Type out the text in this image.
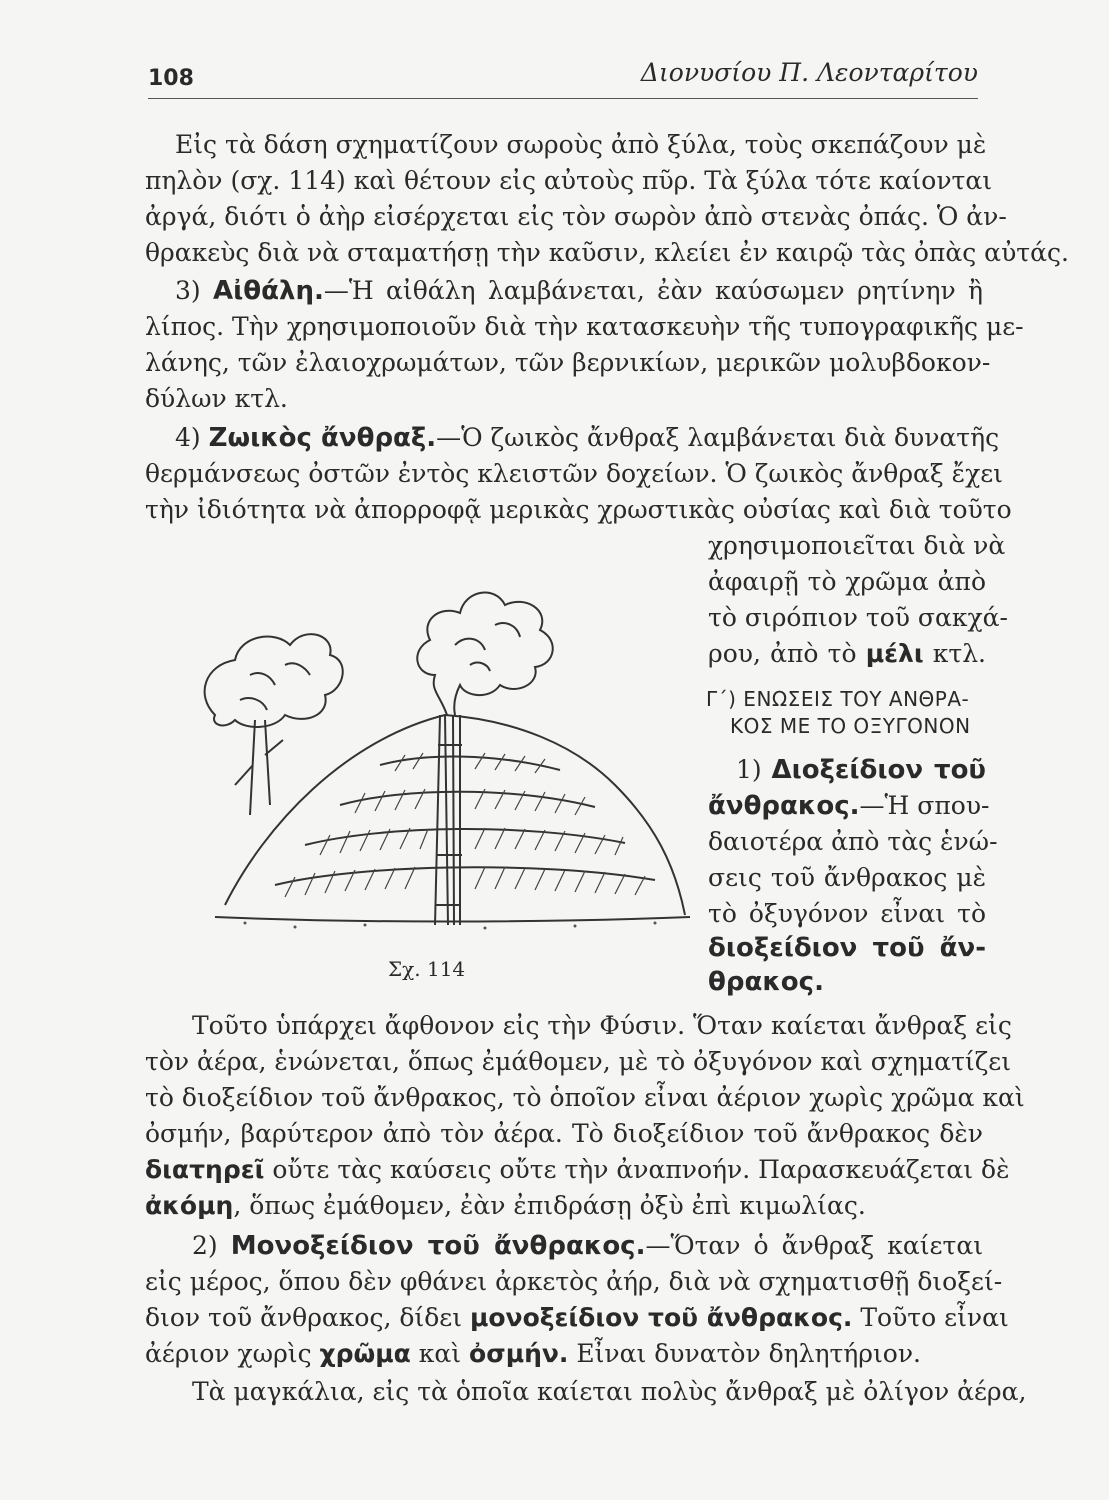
108	Διονυσίου Π. Λεονταρίτου
Εἰς τὰ δάση σχηματίζουν σωροὺς ἀπὸ ξύλα, τοὺς σκεπάζουν μὲ
πηλὸν (σχ. 114) καὶ θέτουν εἰς αὐτοὺς πῦρ. Τὰ ξύλα τότε καίονται
ἀργά, διότι ὁ ἀὴρ εἰσέρχεται εἰς τὸν σωρὸν ἀπὸ στενὰς ὀπάς. Ὁ ἀν-
θρακεὺς διὰ νὰ σταματήσῃ τὴν καῦσιν, κλείει ἐν καιρῷ τὰς ὀπὰς αὐτάς.
3) Αἰθάλη.—Ἡ αἰθάλη λαμβάνεται, ἐὰν καύσωμεν ρητίνην ἢ
λίπος. Τὴν χρησιμοποιοῦν διὰ τὴν κατασκευὴν τῆς τυπογραφικῆς με-
λάνης, τῶν ἐλαιοχρωμάτων, τῶν βερνικίων, μερικῶν μολυβδοκον-
δύλων κτλ.
4) Ζωικὸς ἄνθραξ.—Ὁ ζωικὸς ἄνθραξ λαμβάνεται διὰ δυνατῆς
θερμάνσεως ὀστῶν ἐντὸς κλειστῶν δοχείων. Ὁ ζωικὸς ἄνθραξ ἔχει
τὴν ἰδιότητα νὰ ἀπορροφᾷ μερικὰς χρωστικὰς οὐσίας καὶ διὰ τοῦτο
χρησιμοποιεῖται διὰ νὰ
ἀφαιρῇ τὸ χρῶμα ἀπὸ
τὸ σιρόπιον τοῦ σακχά-
ρου, ἀπὸ τὸ μέλι κτλ.
Γ΄) ΕΝΩΣΕΙΣ ΤΟΥ ΑΝΘΡΑ-
ΚΟΣ ΜΕ ΤΟ ΟΞΥΓΟΝΟΝ
1) Διοξείδιον τοῦ
ἄνθρακος.—Ἡ σπου-
δαιοτέρα ἀπὸ τὰς ἑνώ-
σεις τοῦ ἄνθρακος μὲ
τὸ ὀξυγόνον εἶναι τὸ
διοξείδιον τοῦ ἄν-
θρακος.
Σχ. 114
Τοῦτο ὑπάρχει ἄφθονον εἰς τὴν Φύσιν. Ὅταν καίεται ἄνθραξ εἰς
τὸν ἀέρα, ἑνώνεται, ὅπως ἐμάθομεν, μὲ τὸ ὀξυγόνον καὶ σχηματίζει
τὸ διοξείδιον τοῦ ἄνθρακος, τὸ ὁποῖον εἶναι ἀέριον χωρὶς χρῶμα καὶ
ὀσμήν, βαρύτερον ἀπὸ τὸν ἀέρα. Τὸ διοξείδιον τοῦ ἄνθρακος δὲν
διατηρεῖ οὔτε τὰς καύσεις οὔτε τὴν ἀναπνοήν. Παρασκευάζεται δὲ
ἀκόμη, ὅπως ἐμάθομεν, ἐὰν ἐπιδράσῃ ὀξὺ ἐπὶ κιμωλίας.
2) Μονοξείδιον τοῦ ἄνθρακος.—Ὅταν ὁ ἄνθραξ καίεται
εἰς μέρος, ὅπου δὲν φθάνει ἀρκετὸς ἀήρ, διὰ νὰ σχηματισθῇ διοξεί-
διον τοῦ ἄνθρακος, δίδει μονοξείδιον τοῦ ἄνθρακος. Τοῦτο εἶναι
ἀέριον χωρὶς χρῶμα καὶ ὀσμήν. Εἶναι δυνατὸν δηλητήριον.
Τὰ μαγκάλια, εἰς τὰ ὁποῖα καίεται πολὺς ἄνθραξ μὲ ὀλίγον ἀέρα,
